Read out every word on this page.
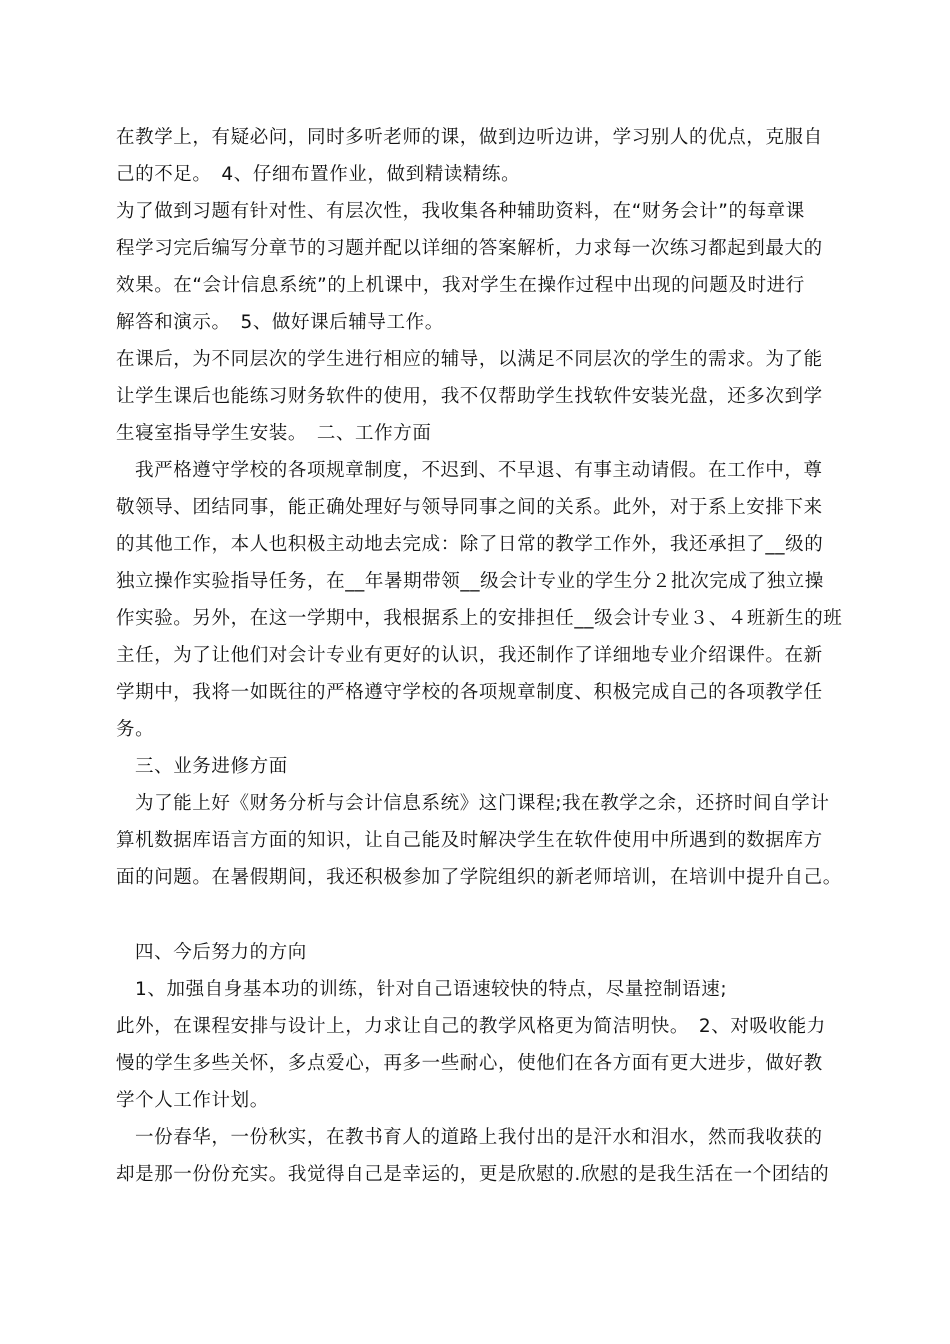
在教学上，有疑必问，同时多听老师的课，做到边听边讲，学习别人的优点，克服自
己的不足。　4、仔细布置作业，做到精读精练。
为了做到习题有针对性、有层次性，我收集各种辅助资料，在“财务会计”的每章课
程学习完后编写分章节的习题并配以详细的答案解析，力求每一次练习都起到最大的
效果。在“会计信息系统”的上机课中，我对学生在操作过程中出现的问题及时进行
解答和演示。　5、做好课后辅导工作。
在课后，为不同层次的学生进行相应的辅导，以满足不同层次的学生的需求。为了能
让学生课后也能练习财务软件的使用，我不仅帮助学生找软件安装光盘，还多次到学
生寝室指导学生安装。　二、工作方面
我严格遵守学校的各项规章制度，不迟到、不早退、有事主动请假。在工作中，尊
敬领导、团结同事，能正确处理好与领导同事之间的关系。此外，对于系上安排下来
的其他工作，本人也积极主动地去完成：除了日常的教学工作外，我还承担了__级的
独立操作实验指导任务，在__年暑期带领__级会计专业的学生分２批次完成了独立操
作实验。另外，在这一学期中，我根据系上的安排担任__级会计专业３、４班新生的班
主任，为了让他们对会计专业有更好的认识，我还制作了详细地专业介绍课件。在新
学期中，我将一如既往的严格遵守学校的各项规章制度、积极完成自己的各项教学任
务。
三、业务进修方面
为了能上好《财务分析与会计信息系统》这门课程;我在教学之余，还挤时间自学计
算机数据库语言方面的知识，让自己能及时解决学生在软件使用中所遇到的数据库方
面的问题。在暑假期间，我还积极参加了学院组织的新老师培训，在培训中提升自己。
四、今后努力的方向
1、加强自身基本功的训练，针对自己语速较快的特点，尽量控制语速;
此外，在课程安排与设计上，力求让自己的教学风格更为简洁明快。　2、对吸收能力
慢的学生多些关怀，多点爱心，再多一些耐心，使他们在各方面有更大进步，做好教
学个人工作计划。
一份春华，一份秋实，在教书育人的道路上我付出的是汗水和泪水，然而我收获的
却是那一份份充实。我觉得自己是幸运的，更是欣慰的.欣慰的是我生活在一个团结的
